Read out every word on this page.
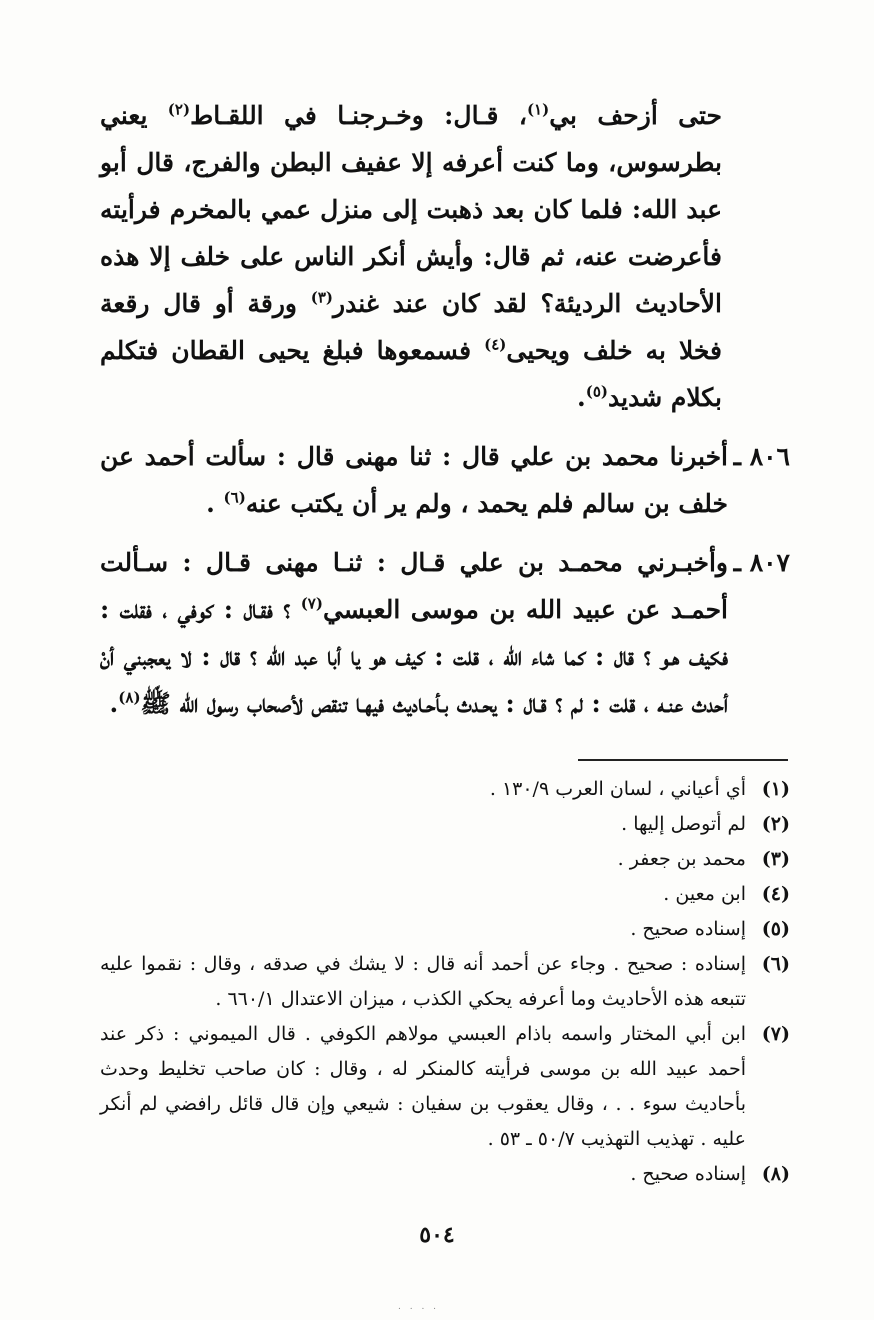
حتى أزحف بي$^{(١)}$، قـال: وخـرجنـا في اللقـاط$^{(٢)}$ يعني بطرسوس، وما كنت أعرفه إلا عفيف البطن والفرج، قال أبو عبد الله: فلما كان بعد ذهبت إلى منزل عمي بالمخرم فرأيته فأعرضت عنه، ثم قال: وأيش أنكر الناس على خلف إلا هذه الأحاديث الرديئة؟ لقد كان عند غندر$^{(٣)}$ ورقة أو قال رقعة فخلا به خلف ويحيى$^{(٤)}$ فسمعوها فبلغ يحيى القطان فتكلم بكلام شديد$^{(٥)}$.

٨٠٦ ـأخبرنا محمد بن علي قال : ثنا مهنى قال : سألت أحمد عن خلف بن سالم فلم يحمد ، ولم ير أن يكتب عنه$^{(٦)}$ .

٨٠٧ ـوأخبـرني محمـد بن علي قـال : ثنـا مهنى قـال : سـألت أحمـد عن عبيد الله بن موسى العبسي$^{(٧)}$ ؟ فقـال : كوفي ، فقلت : فكيف هـو ؟ قال : كما شاء الله ، قلت : كيف هو يا أبا عبد الله ؟ قال : لا يعجبني أنْ أحدث عنـه ، قلت : لم ؟ قـال : يحـدث بـأحـاديث فيهـا تنقص لأصحاب رسول الله ﷺ$^{(٨)}$.

(١)أي أعياني ، لسان العرب ١٣٠/٩ .

(٢)لم أتوصل إليها .

(٣)محمد بن جعفر .

(٤)ابن معين .

(٥)إسناده صحيح .

(٦)إسناده : صحيح . وجاء عن أحمد أنه قال : لا يشك في صدقه ، وقال : نقموا عليه تتبعه هذه الأحاديث وما أعرفه يحكي الكذب ، ميزان الاعتدال ٦٦٠/١ .

(٧)ابن أبي المختار واسمه باذام العبسي مولاهم الكوفي . قال الميموني : ذكر عند أحمد عبيد الله بن موسى فرأيته كالمنكر له ، وقال : كان صاحب تخليط وحدث بأحاديث سوء . . ، وقال يعقوب بن سفيان : شيعي وإن قال قائل رافضي لم أنكر عليه . تهذيب التهذيب ٥٠/٧ ـ ٥٣ .

(٨)إسناده صحيح .

٥٠٤
. . . .
